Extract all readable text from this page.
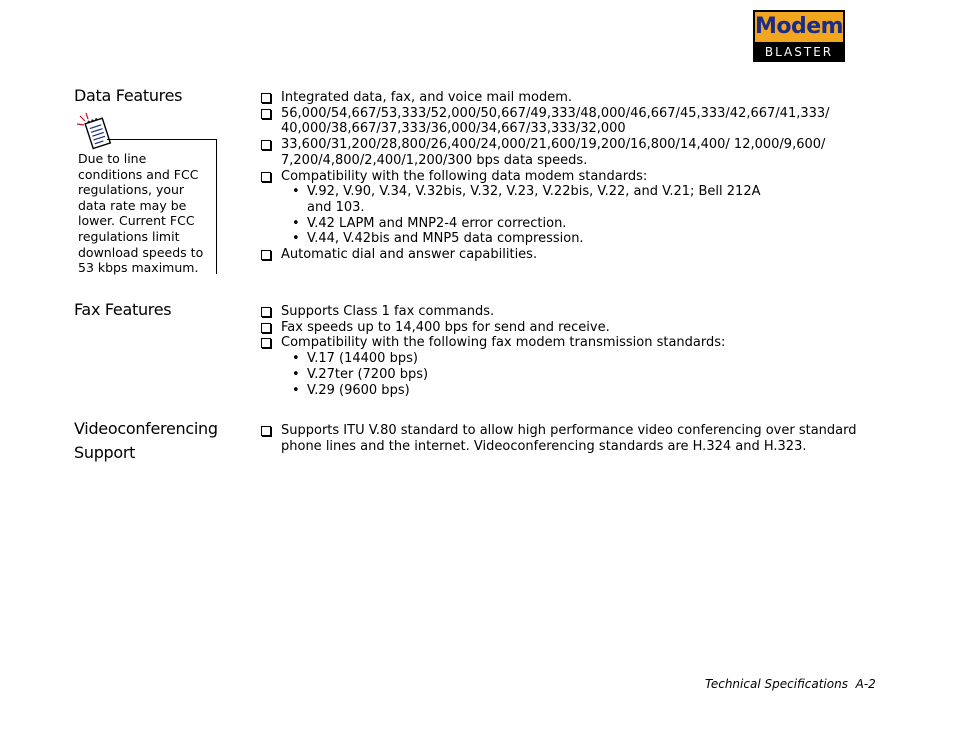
Modem
BLASTER
Data Features
Fax Features
Videoconferencing
Support
Due to line conditions and FCC regulations, your data rate may be lower. Current FCC regulations limit download speeds to 53 kbps maximum.
Integrated data, fax, and voice mail modem.
56,000/54,667/53,333/52,000/50,667/49,333/48,000/46,667/45,333/42,667/41,333/
40,000/38,667/37,333/36,000/34,667/33,333/32,000
33,600/31,200/28,800/26,400/24,000/21,600/19,200/16,800/14,400/ 12,000/9,600/
7,200/4,800/2,400/1,200/300 bps data speeds.
Compatibility with the following data modem standards:
• V.92, V.90, V.34, V.32bis, V.32, V.23, V.22bis, V.22, and V.21; Bell 212A
and 103.
• V.42 LAPM and MNP2-4 error correction.
• V.44, V.42bis and MNP5 data compression.
Automatic dial and answer capabilities.
Supports Class 1 fax commands.
Fax speeds up to 14,400 bps for send and receive.
Compatibility with the following fax modem transmission standards:
• V.17 (14400 bps)
• V.27ter (7200 bps)
• V.29 (9600 bps)
Supports ITU V.80 standard to allow high performance video conferencing over standard
phone lines and the internet. Videoconferencing standards are H.324 and H.323.
Technical Specifications A-2
